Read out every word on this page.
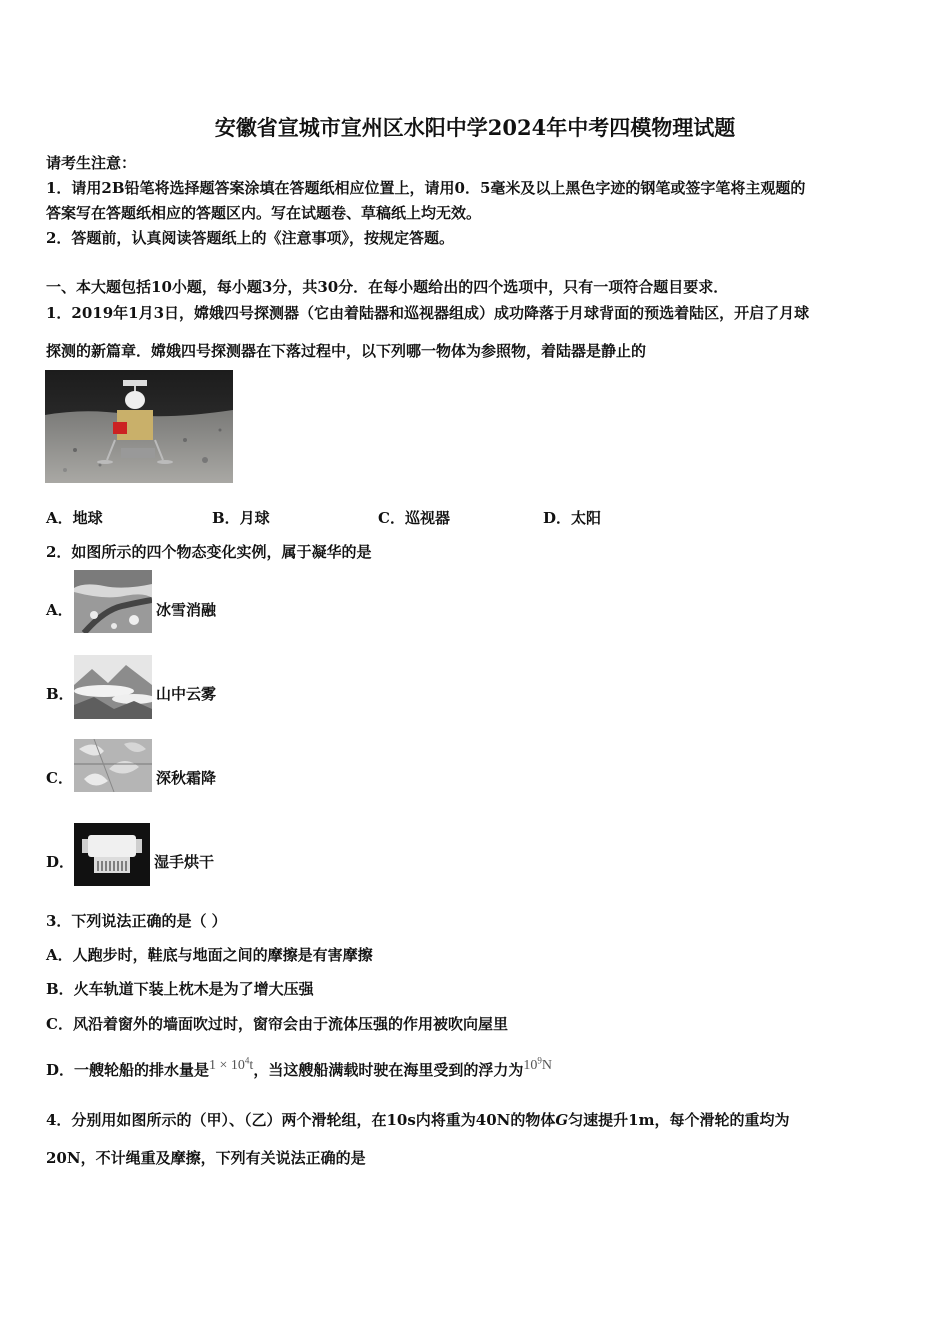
安徽省宣城市宣州区水阳中学2024年中考四模物理试题
请考生注意：
1．请用2B铅笔将选择题答案涂填在答题纸相应位置上，请用0．5毫米及以上黑色字迹的钢笔或签字笔将主观题的
答案写在答题纸相应的答题区内。写在试题卷、草稿纸上均无效。
2．答题前，认真阅读答题纸上的《注意事项》，按规定答题。
一、本大题包括10小题，每小题3分，共30分．在每小题给出的四个选项中，只有一项符合题目要求．
1．2019年1月3日，嫦娥四号探测器（它由着陆器和巡视器组成）成功降落于月球背面的预选着陆区，开启了月球
探测的新篇章．嫦娥四号探测器在下落过程中，以下列哪一物体为参照物，着陆器是静止的
A．地球	B．月球	C．巡视器	D．太阳
2．如图所示的四个物态变化实例，属于凝华的是
A．	冰雪消融
B．	山中云雾
C．	深秋霜降
D．	湿手烘干
3．下列说法正确的是（ ）
A．人跑步时，鞋底与地面之间的摩擦是有害摩擦
B．火车轨道下装上枕木是为了增大压强
C．风沿着窗外的墙面吹过时，窗帘会由于流体压强的作用被吹向屋里
D．一艘轮船的排水量是$1 \times 10^4t$，当这艘船满载时驶在海里受到的浮力为$10^9N$
4．分别用如图所示的（甲）、（乙）两个滑轮组，在10s内将重为40N的物体G匀速提升1m，每个滑轮的重均为
20N，不计绳重及摩擦，下列有关说法正确的是
